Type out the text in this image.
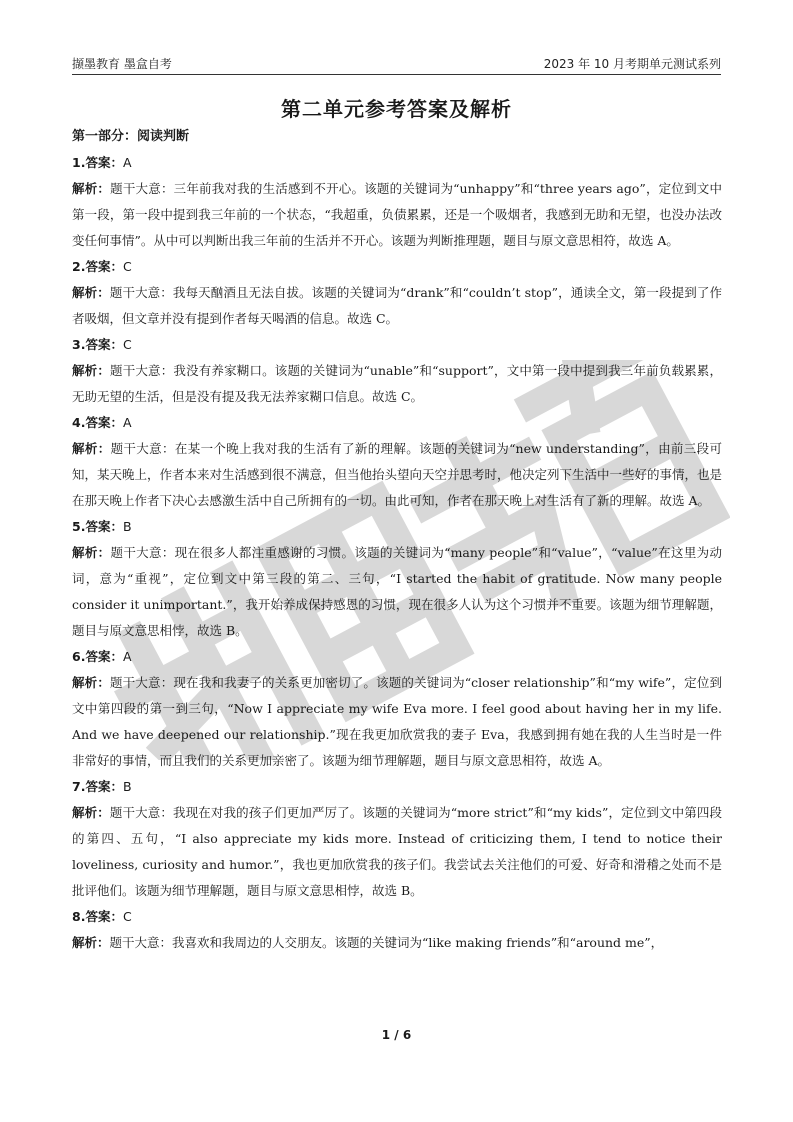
撷墨教育 墨盒自考	2023 年 10 月考期单元测试系列
第二单元参考答案及解析

第一部分：阅读判断

1.答案：A

解析：题干大意：三年前我对我的生活感到不开心。该题的关键词为“unhappy”和“three years ago”，定位到文中第一段，第一段中提到我三年前的一个状态，“我超重，负债累累，还是一个吸烟者，我感到无助和无望，也没办法改变任何事情”。从中可以判断出我三年前的生活并不开心。该题为判断推理题，题目与原文意思相符，故选 A。

2.答案：C

解析：题干大意：我每天酗酒且无法自拔。该题的关键词为“drank”和“couldn’t stop”，通读全文，第一段提到了作者吸烟，但文章并没有提到作者每天喝酒的信息。故选 C。

3.答案：C

解析：题干大意：我没有养家糊口。该题的关键词为“unable”和“support”，文中第一段中提到我三年前负载累累，无助无望的生活，但是没有提及我无法养家糊口信息。故选 C。

4.答案：A

解析：题干大意：在某一个晚上我对我的生活有了新的理解。该题的关键词为“new understanding”，由前三段可知，某天晚上，作者本来对生活感到很不满意，但当他抬头望向天空并思考时，他决定列下生活中一些好的事情，也是在那天晚上作者下决心去感激生活中自己所拥有的一切。由此可知，作者在那天晚上对生活有了新的理解。故选 A。

5.答案：B

解析：题干大意：现在很多人都注重感谢的习惯。该题的关键词为“many people”和“value”，“value”在这里为动词，意为“重视”，定位到文中第三段的第二、三句，“I started the habit of gratitude. Now many people consider it unimportant.”，我开始养成保持感恩的习惯，现在很多人认为这个习惯并不重要。该题为细节理解题，题目与原文意思相悖，故选 B。

6.答案：A

解析：题干大意：现在我和我妻子的关系更加密切了。该题的关键词为“closer relationship”和“my wife”，定位到文中第四段的第一到三句，“Now I appreciate my wife Eva more. I feel good about having her in my life. And we have deepened our relationship.”现在我更加欣赏我的妻子 Eva，我感到拥有她在我的人生当时是一件非常好的事情，而且我们的关系更加亲密了。该题为细节理解题，题目与原文意思相符，故选 A。

7.答案：B

解析：题干大意：我现在对我的孩子们更加严厉了。该题的关键词为“more strict”和“my kids”，定位到文中第四段的第四、五句，“I also appreciate my kids more. Instead of criticizing them, I tend to notice their loveliness, curiosity and humor.”，我也更加欣赏我的孩子们。我尝试去关注他们的可爱、好奇和滑稽之处而不是批评他们。该题为细节理解题，题目与原文意思相悖，故选 B。

8.答案：C

解析：题干大意：我喜欢和我周边的人交朋友。该题的关键词为“like making friends”和“around me”，

1 / 6
